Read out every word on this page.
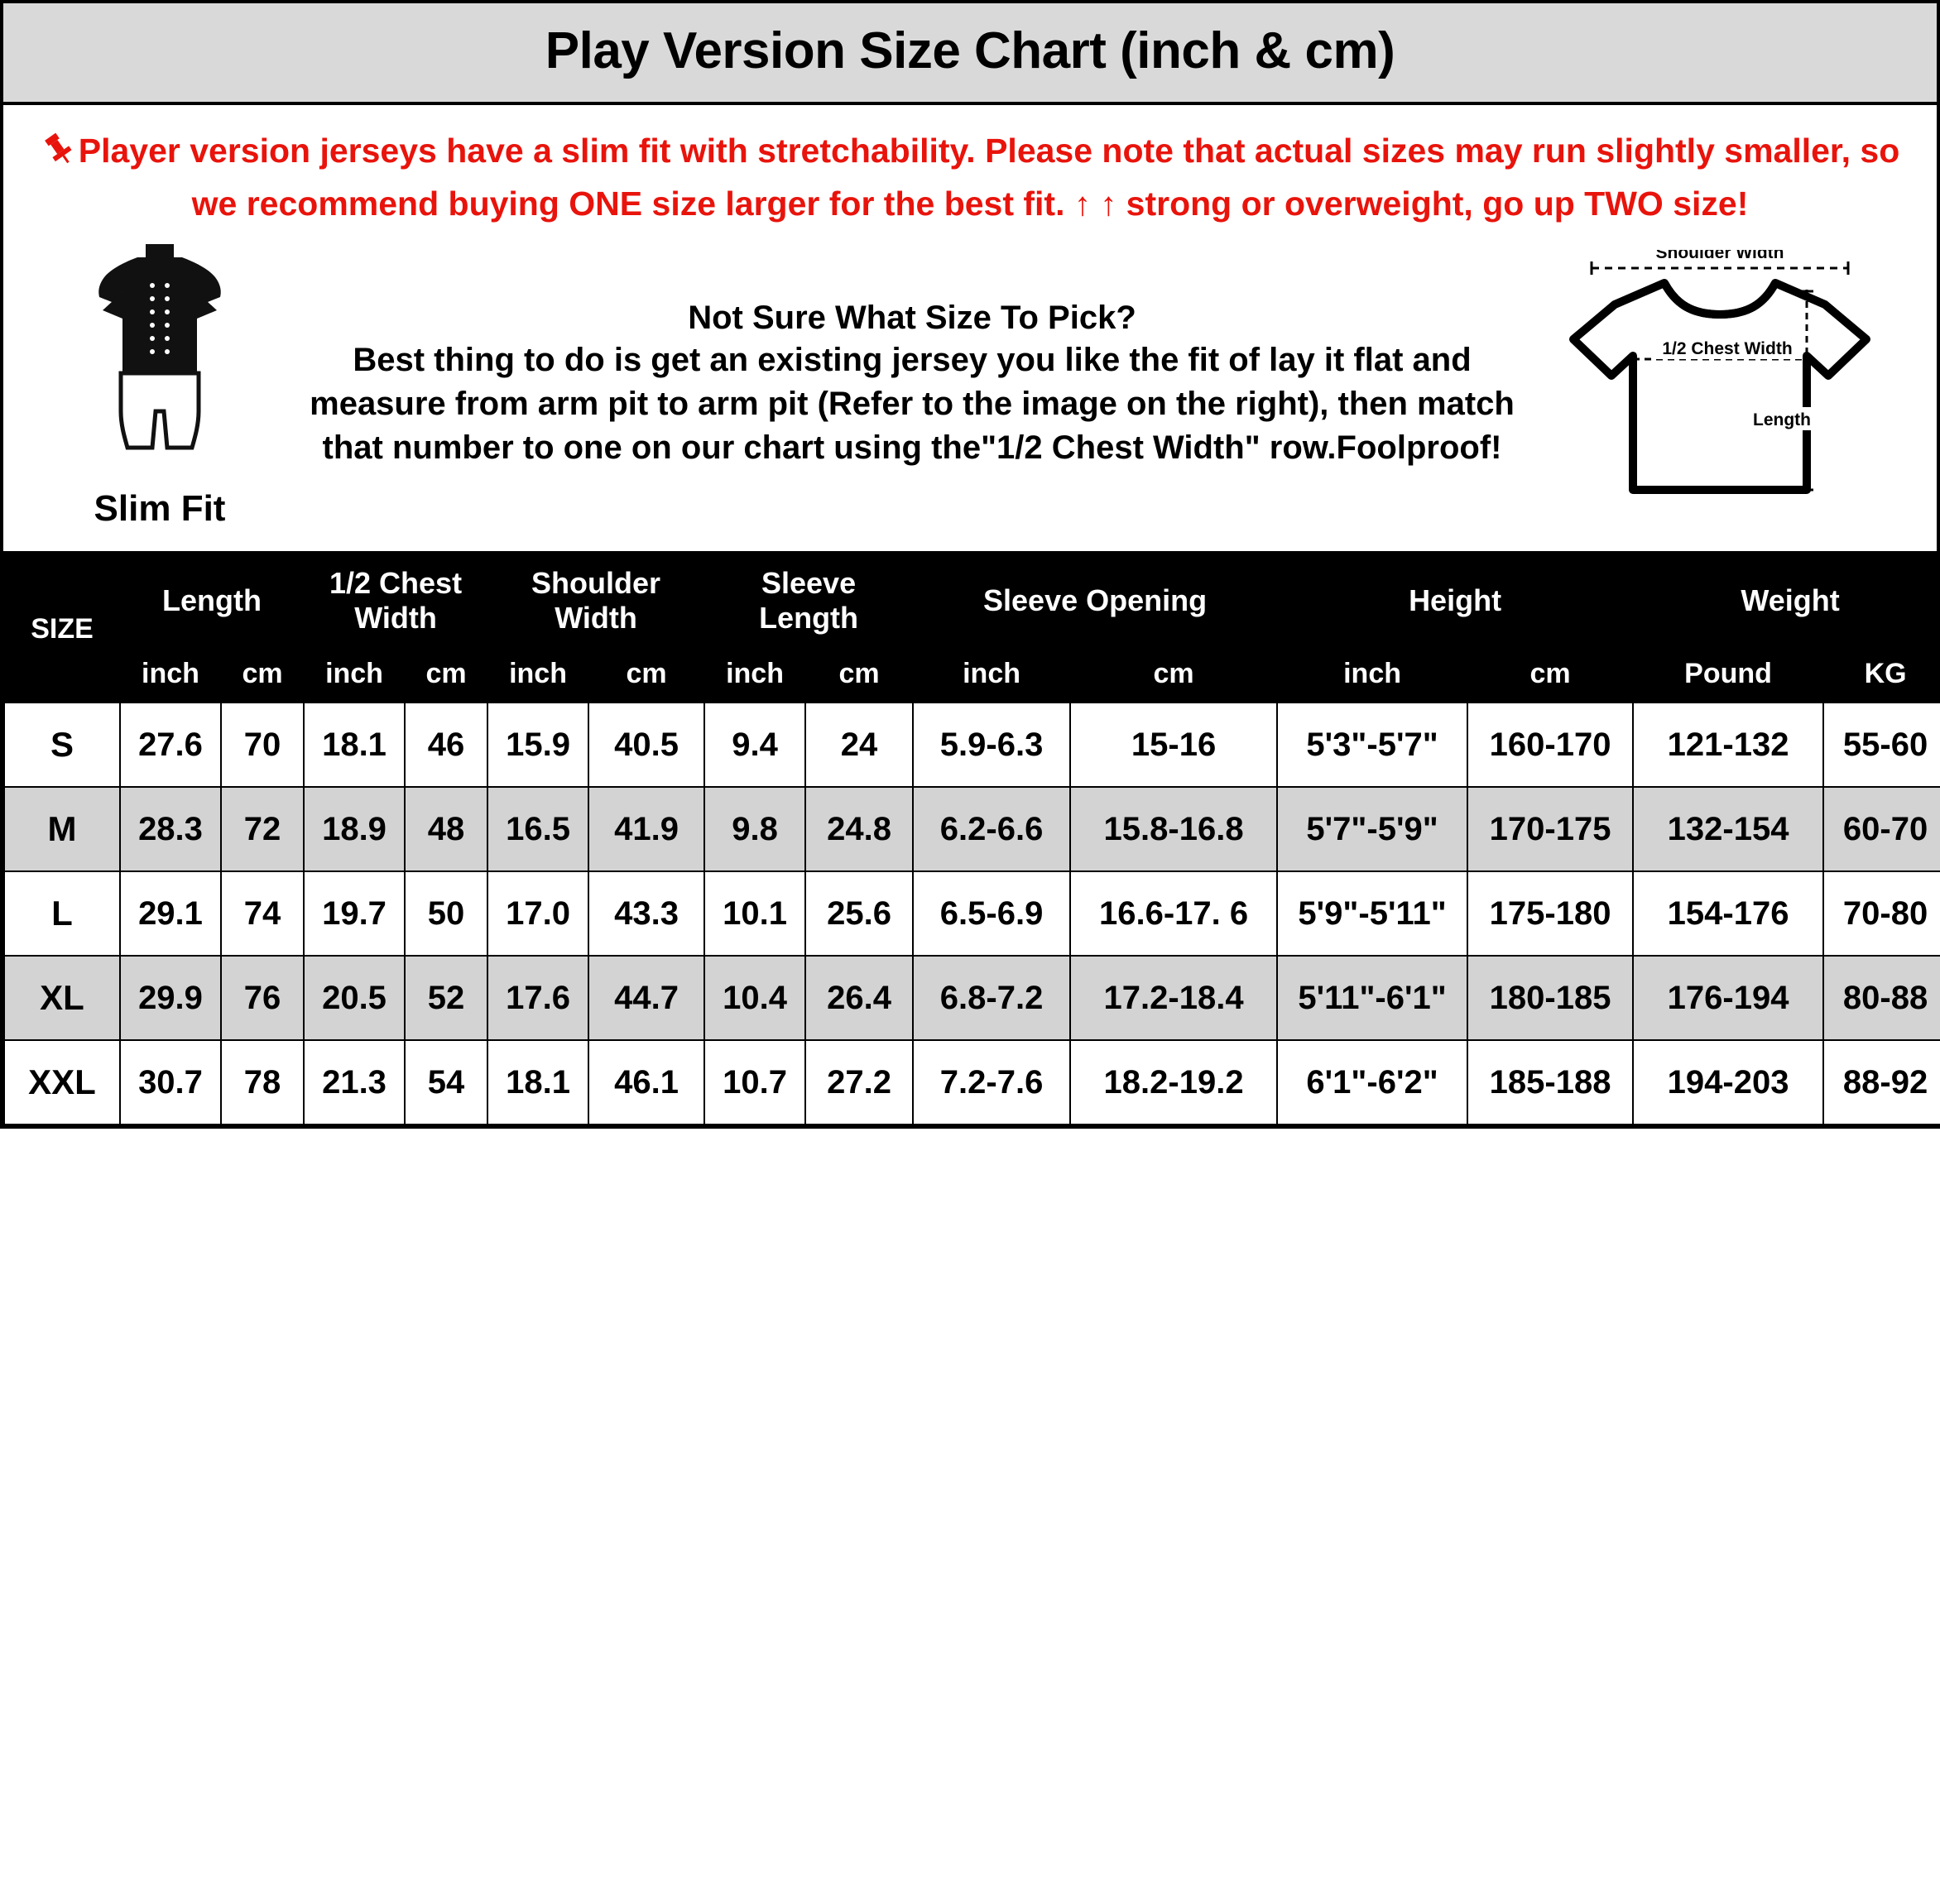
Play Version Size Chart (inch & cm)
Player version jerseys have a slim fit with stretchability. Please note that actual sizes may run slightly smaller, so we recommend buying ONE size larger for the best fit. ↑ ↑ strong or overweight, go up TWO size!
Slim Fit
Not Sure What Size To Pick?
Best thing to do is get an existing jersey you like the fit of lay it flat and measure from arm pit to arm pit (Refer to the image on the right), then match that number to one on our chart using the"1/2 Chest Width" row.Foolproof!
Shoulder Width
1/2 Chest Width
Length
SIZE	Length		1/2 Chest Width		Shoulder Width		Sleeve Length		Sleeve Opening		Height		Weight	
	inch	cm	inch	cm	inch	cm	inch	cm	inch	cm	inch	cm	Pound	KG
S	27.6	70	18.1	46	15.9	40.5	9.4	24	5.9-6.3	15-16	5'3"-5'7"	160-170	121-132	55-60
M	28.3	72	18.9	48	16.5	41.9	9.8	24.8	6.2-6.6	15.8-16.8	5'7"-5'9"	170-175	132-154	60-70
L	29.1	74	19.7	50	17.0	43.3	10.1	25.6	6.5-6.9	16.6-17. 6	5'9"-5'11"	175-180	154-176	70-80
XL	29.9	76	20.5	52	17.6	44.7	10.4	26.4	6.8-7.2	17.2-18.4	5'11"-6'1"	180-185	176-194	80-88
XXL	30.7	78	21.3	54	18.1	46.1	10.7	27.2	7.2-7.6	18.2-19.2	6'1"-6'2"	185-188	194-203	88-92
